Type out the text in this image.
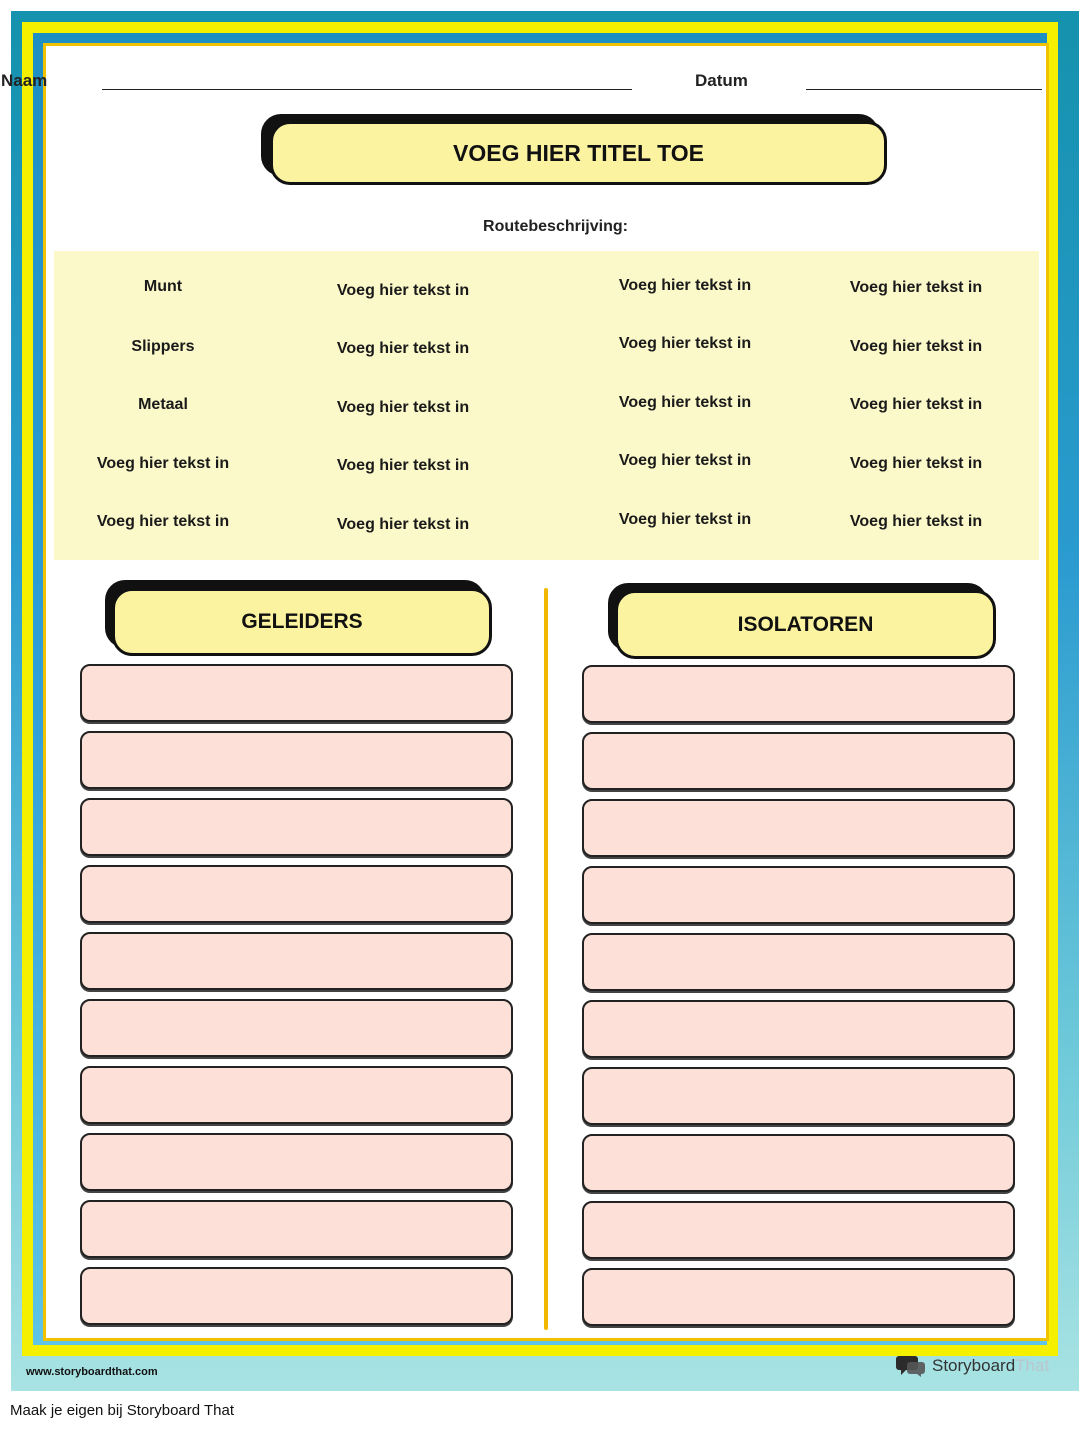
Naam	Datum
VOEG HIER TITEL TOE
Routebeschrijving:
Munt	Voeg hier tekst in	Voeg hier tekst in	Voeg hier tekst in
Slippers	Voeg hier tekst in	Voeg hier tekst in	Voeg hier tekst in
Metaal	Voeg hier tekst in	Voeg hier tekst in	Voeg hier tekst in
Voeg hier tekst in	Voeg hier tekst in	Voeg hier tekst in	Voeg hier tekst in
Voeg hier tekst in	Voeg hier tekst in	Voeg hier tekst in	Voeg hier tekst in
GELEIDERS	ISOLATOREN
www.storyboardthat.com	StoryboardThat
Maak je eigen bij Storyboard That
